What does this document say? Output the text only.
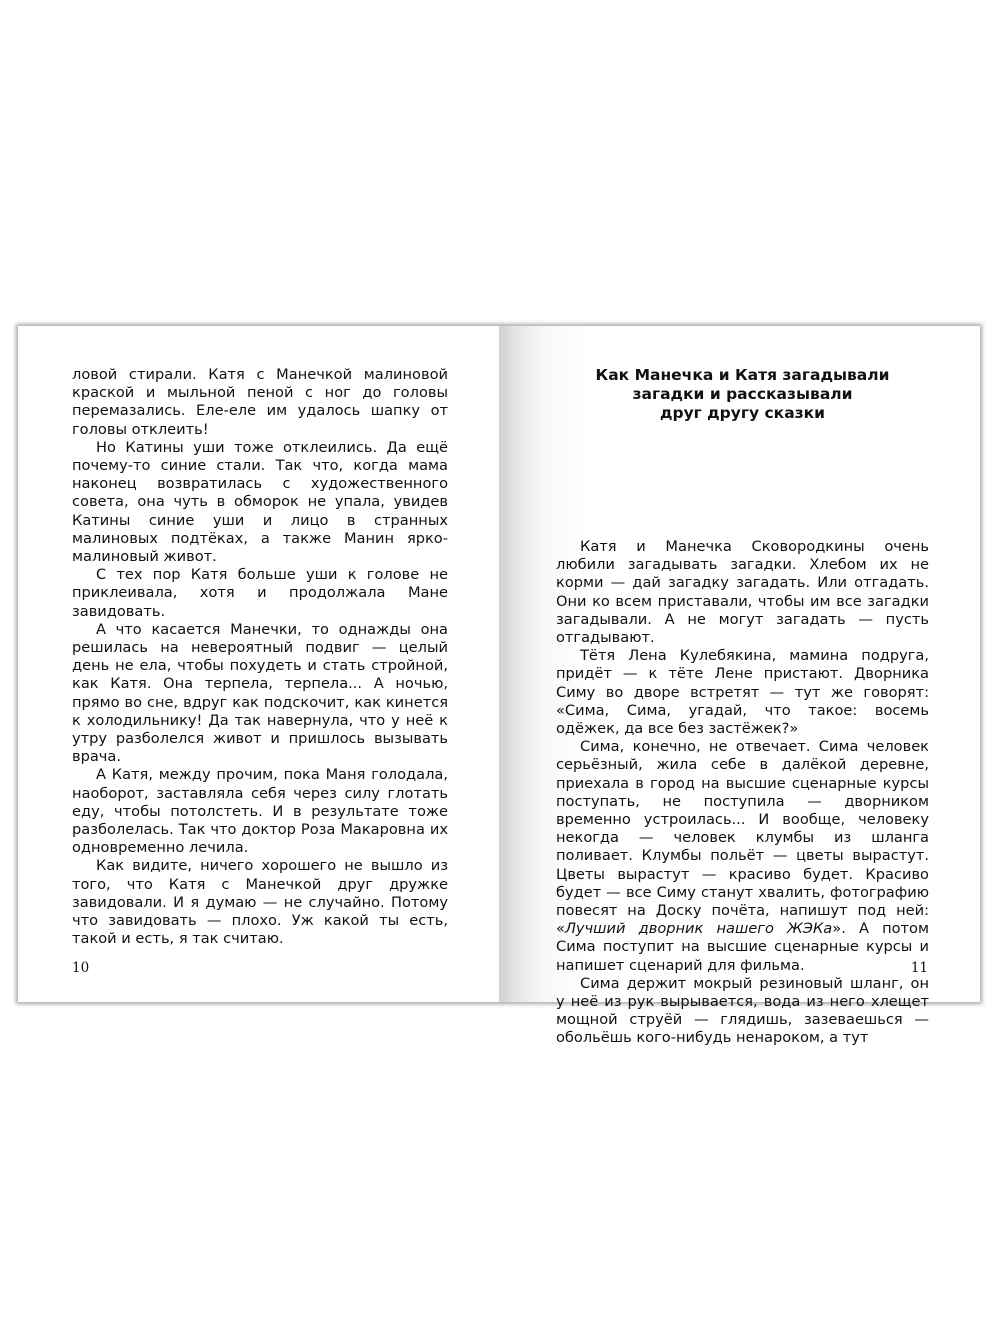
ловой стирали. Катя с Манечкой малиновой краской и мыльной пеной с ног до головы перемазались. Еле-еле им удалось шапку от головы отклеить!

Но Катины уши тоже отклеились. Да ещё почему-то синие стали. Так что, когда мама наконец возвратилась с художественного совета, она чуть в обморок не упала, увидев Катины синие уши и лицо в странных малиновых подтёках, а также Манин ярко-малиновый живот.

С тех пор Катя больше уши к голове не приклеивала, хотя и продолжала Мане завидовать.

А что касается Манечки, то однажды она решилась на невероятный подвиг — целый день не ела, чтобы похудеть и стать стройной, как Катя. Она терпела, терпела... А ночью, прямо во сне, вдруг как подскочит, как кинется к холодильнику! Да так навернула, что у неё к утру разболелся живот и пришлось вызывать врача.

А Катя, между прочим, пока Маня голодала, наоборот, заставляла себя через силу глотать еду, чтобы потолстеть. И в результате тоже разболелась. Так что доктор Роза Макаровна их одновременно лечила.

Как видите, ничего хорошего не вышло из того, что Катя с Манечкой друг дружке завидовали. И я думаю — не случайно. Потому что завидовать — плохо. Уж какой ты есть, такой и есть, я так считаю.

10
Как Манечка и Катя загадывали
загадки и рассказывали
друг другу сказки

Катя и Манечка Сковородкины очень любили загадывать загадки. Хлебом их не корми — дай загадку загадать. Или отгадать. Они ко всем приставали, чтобы им все загадки загадывали. А не могут загадать — пусть отгадывают.

Тётя Лена Кулебякина, мамина подруга, придёт — к тёте Лене пристают. Дворника Симу во дворе встретят — тут же говорят: «Сима, Сима, угадай, что такое: восемь одёжек, да все без застёжек?»

Сима, конечно, не отвечает. Сима человек серьёзный, жила себе в далёкой деревне, приехала в город на высшие сценарные курсы поступать, не поступила — дворником временно устроилась... И вообще, человеку некогда — человек клумбы из шланга поливает. Клумбы польёт — цветы вырастут. Цветы вырастут — красиво будет. Красиво будет — все Симу станут хвалить, фотографию повесят на Доску почёта, напишут под ней: «Лучший дворник нашего ЖЭКа». А потом Сима поступит на высшие сценарные курсы и напишет сценарий для фильма.

Сима держит мокрый резиновый шланг, он у неё из рук вырывается, вода из него хлещет мощной струёй — глядишь, зазеваешься — обольёшь кого-нибудь ненароком, а тут

11
